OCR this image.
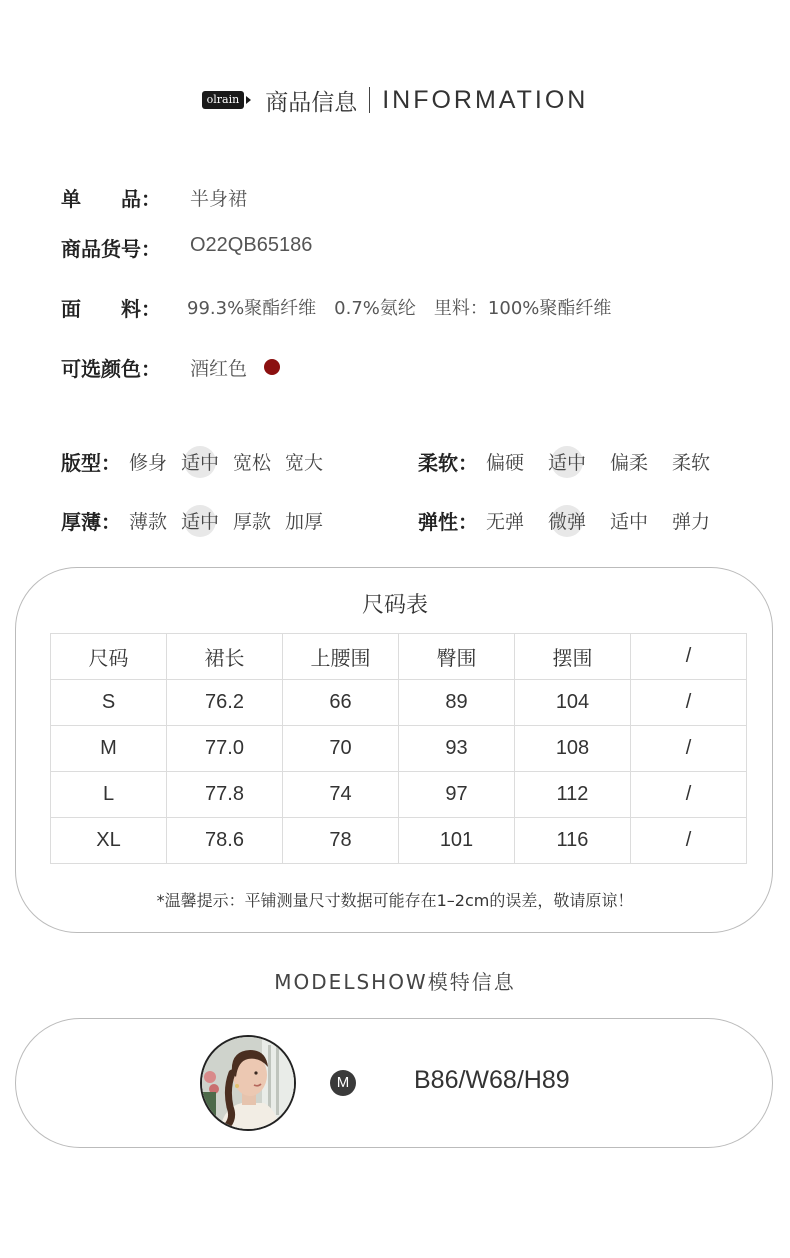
olrain 商品信息 INFORMATION
单　　品： 半身裙
商品货号： O22QB65186
面　　料： 99.3%聚酯纤维　0.7%氨纶　里料：100%聚酯纤维
可选颜色： 酒红色
版型： 修身 适中 宽松 宽大	柔软： 偏硬 适中 偏柔 柔软
厚薄： 薄款 适中 厚款 加厚	弹性： 无弹 微弹 适中 弹力
尺码表
尺码	裙长	上腰围	臀围	摆围	/
S	76.2	66	89	104	/
M	77.0	70	93	108	/
L	77.8	74	97	112	/
XL	78.6	78	101	116	/
*温馨提示：平铺测量尺寸数据可能存在1–2cm的误差，敬请原谅！
MODELSHOW模特信息
M	B86/W68/H89
